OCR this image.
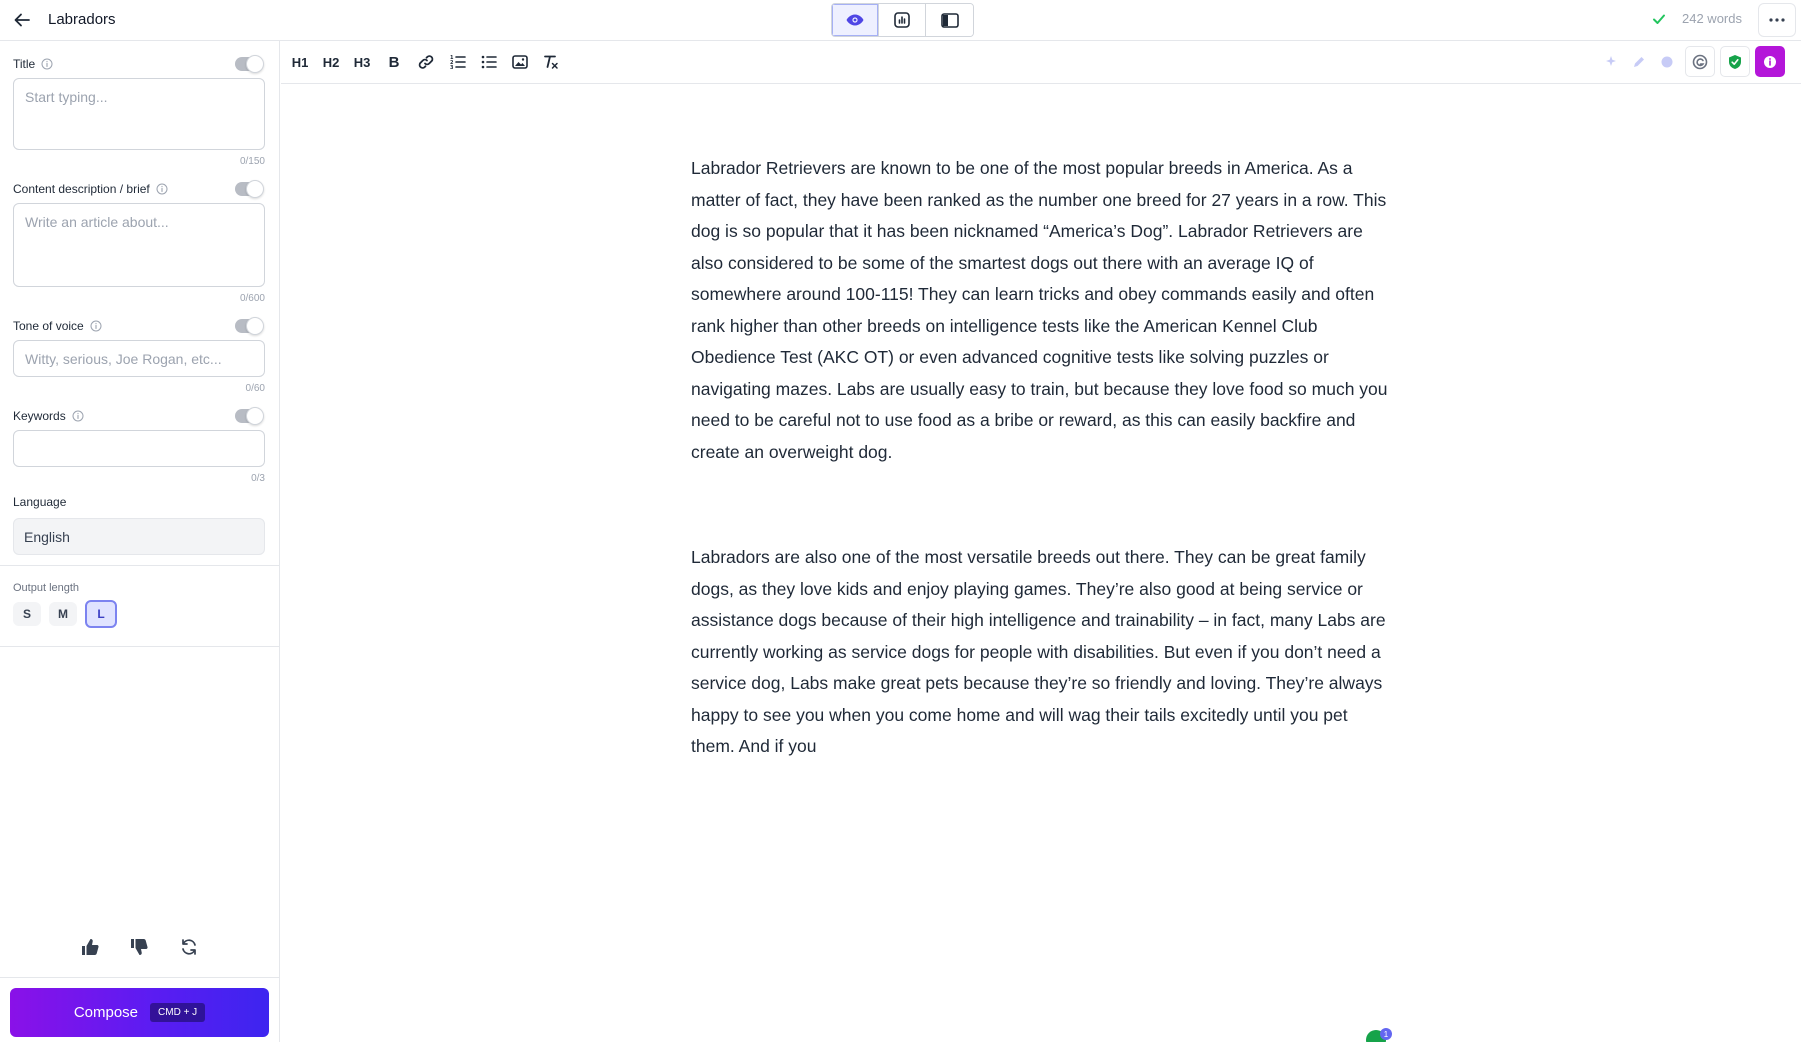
Labradors	242 words
Title
Start typing...
0/150
Content description / brief
Write an article about...
0/600
Tone of voice
Witty, serious, Joe Rogan, etc...
0/60
Keywords
0/3
Language
English
Output length
S	M	L
Compose	CMD + J
H1 H2 H3 B	1
2
3

Labrador Retrievers are known to be one of the most popular breeds in America. As a matter of fact, they have been ranked as the number one breed for 27 years in a row. This dog is so popular that it has been nicknamed “America’s Dog”. Labrador Retrievers are also considered to be some of the smartest dogs out there with an average IQ of somewhere around 100-115! They can learn tricks and obey commands easily and often rank higher than other breeds on intelligence tests like the American Kennel Club Obedience Test (AKC OT) or even advanced cognitive tests like solving puzzles or navigating mazes. Labs are usually easy to train, but because they love food so much you need to be careful not to use food as a bribe or reward, as this can easily backfire and create an overweight dog.

Labradors are also one of the most versatile breeds out there. They can be great family dogs, as they love kids and enjoy playing games. They’re also good at being service or assistance dogs because of their high intelligence and trainability – in fact, many Labs are currently working as service dogs for people with disabilities. But even if you don’t need a service dog, Labs make great pets because they’re so friendly and loving. They’re always happy to see you when you come home and will wag their tails excitedly until you pet them. And if you

1
